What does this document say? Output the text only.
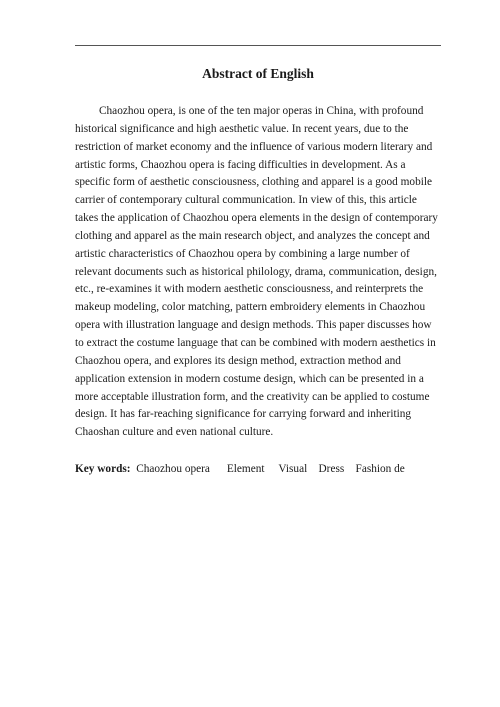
Abstract of English

Chaozhou opera, is one of the ten major operas in China, with profound historical significance and high aesthetic value. In recent years, due to the restriction of market economy and the influence of various modern literary and artistic forms, Chaozhou opera is facing difficulties in development. As a specific form of aesthetic consciousness, clothing and apparel is a good mobile carrier of contemporary cultural communication. In view of this, this article takes the application of Chaozhou opera elements in the design of contemporary clothing and apparel as the main research object, and analyzes the concept and artistic characteristics of Chaozhou opera by combining a large number of relevant documents such as historical philology, drama, communication, design, etc., re-examines it with modern aesthetic consciousness, and reinterprets the makeup modeling, color matching, pattern embroidery elements in Chaozhou opera with illustration language and design methods. This paper discusses how to extract the costume language that can be combined with modern aesthetics in Chaozhou opera, and explores its design method, extraction method and application extension in modern costume design, which can be presented in a more acceptable illustration form, and the creativity can be applied to costume design. It has far-reaching significance for carrying forward and inheriting Chaoshan culture and even national culture.

Key words:  Chaozhou opera      Element     Visual    Dress    Fashion de
